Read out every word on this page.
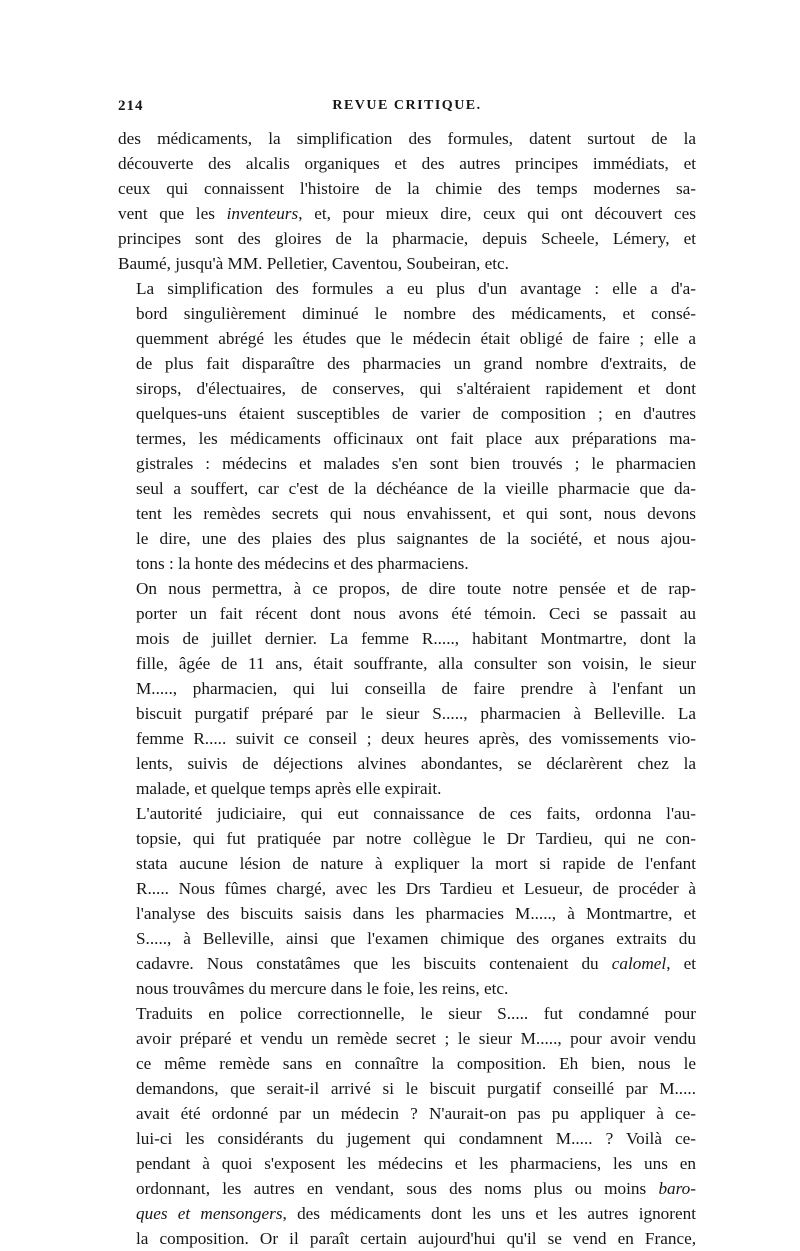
214	REVUE CRITIQUE.

des médicaments, la simplification des formules, datent surtout de la
découverte des alcalis organiques et des autres principes immédiats, et
ceux qui connaissent l'histoire de la chimie des temps modernes sa-
vent que les inventeurs, et, pour mieux dire, ceux qui ont découvert ces
principes sont des gloires de la pharmacie, depuis Scheele, Lémery, et
Baumé, jusqu'à MM. Pelletier, Caventou, Soubeiran, etc.

La simplification des formules a eu plus d'un avantage : elle a d'a-
bord singulièrement diminué le nombre des médicaments, et consé-
quemment abrégé les études que le médecin était obligé de faire ; elle a
de plus fait disparaître des pharmacies un grand nombre d'extraits, de
sirops, d'électuaires, de conserves, qui s'altéraient rapidement et dont
quelques-uns étaient susceptibles de varier de composition ; en d'autres
termes, les médicaments officinaux ont fait place aux préparations ma-
gistrales : médecins et malades s'en sont bien trouvés ; le pharmacien
seul a souffert, car c'est de la déchéance de la vieille pharmacie que da-
tent les remèdes secrets qui nous envahissent, et qui sont, nous devons
le dire, une des plaies des plus saignantes de la société, et nous ajou-
tons : la honte des médecins et des pharmaciens.

On nous permettra, à ce propos, de dire toute notre pensée et de rap-
porter un fait récent dont nous avons été témoin. Ceci se passait au
mois de juillet dernier. La femme R....., habitant Montmartre, dont la
fille, âgée de 11 ans, était souffrante, alla consulter son voisin, le sieur
M....., pharmacien, qui lui conseilla de faire prendre à l'enfant un
biscuit purgatif préparé par le sieur S....., pharmacien à Belleville. La
femme R..... suivit ce conseil ; deux heures après, des vomissements vio-
lents, suivis de déjections alvines abondantes, se déclarèrent chez la
malade, et quelque temps après elle expirait.

L'autorité judiciaire, qui eut connaissance de ces faits, ordonna l'au-
topsie, qui fut pratiquée par notre collègue le Dr Tardieu, qui ne con-
stata aucune lésion de nature à expliquer la mort si rapide de l'enfant
R..... Nous fûmes chargé, avec les Drs Tardieu et Lesueur, de procéder à
l'analyse des biscuits saisis dans les pharmacies M....., à Montmartre, et
S....., à Belleville, ainsi que l'examen chimique des organes extraits du
cadavre. Nous constatâmes que les biscuits contenaient du calomel, et
nous trouvâmes du mercure dans le foie, les reins, etc.

Traduits en police correctionnelle, le sieur S..... fut condamné pour
avoir préparé et vendu un remède secret ; le sieur M....., pour avoir vendu
ce même remède sans en connaître la composition. Eh bien, nous le
demandons, que serait-il arrivé si le biscuit purgatif conseillé par M.....
avait été ordonné par un médecin ? N'aurait-on pas pu appliquer à ce-
lui-ci les considérants du jugement qui condamnent M..... ? Voilà ce-
pendant à quoi s'exposent les médecins et les pharmaciens, les uns en
ordonnant, les autres en vendant, sous des noms plus ou moins baro-
ques et mensongers, des médicaments dont les uns et les autres ignorent
la composition. Or il paraît certain aujourd'hui qu'il se vend en France,
